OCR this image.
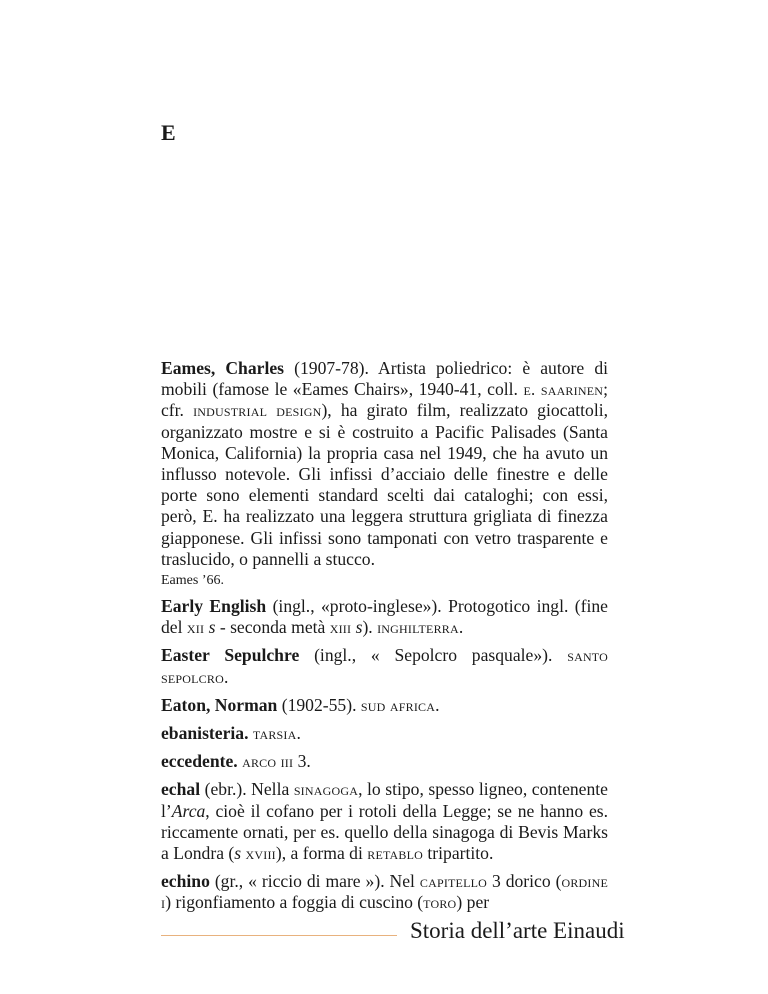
E

Eames, Charles (1907-78). Artista poliedrico: è autore di mobili (famose le «Eames Chairs», 1940-41, coll. e. saarinen; cfr. industrial design), ha girato film, realizzato giocattoli, organizzato mostre e si è costruito a Pacific Palisades (Santa Monica, California) la propria casa nel 1949, che ha avuto un influsso notevole. Gli infissi d’acciaio delle finestre e delle porte sono elementi standard scelti dai cataloghi; con essi, però, E. ha realizzato una leggera struttura grigliata di finezza giapponese. Gli infissi sono tamponati con vetro trasparente e traslucido, o pannelli a stucco.

Eames ’66.

Early English (ingl., «proto-inglese»). Protogotico ingl. (fine del xii s - seconda metà xiii s). inghilterra.

Easter Sepulchre (ingl., « Sepolcro pasquale»). santo sepolcro.

Eaton, Norman (1902-55). sud africa.

ebanisteria. tarsia.

eccedente. arco iii 3.

echal (ebr.). Nella sinagoga, lo stipo, spesso ligneo, contenente l’Arca, cioè il cofano per i rotoli della Legge; se ne hanno es. riccamente ornati, per es. quello della sinagoga di Bevis Marks a Londra (s xviii), a forma di retablo tripartito.

echino (gr., « riccio di mare »). Nel capitello 3 dorico (ordine i) rigonfiamento a foggia di cuscino (toro) per

Storia dell’arte Einaudi
